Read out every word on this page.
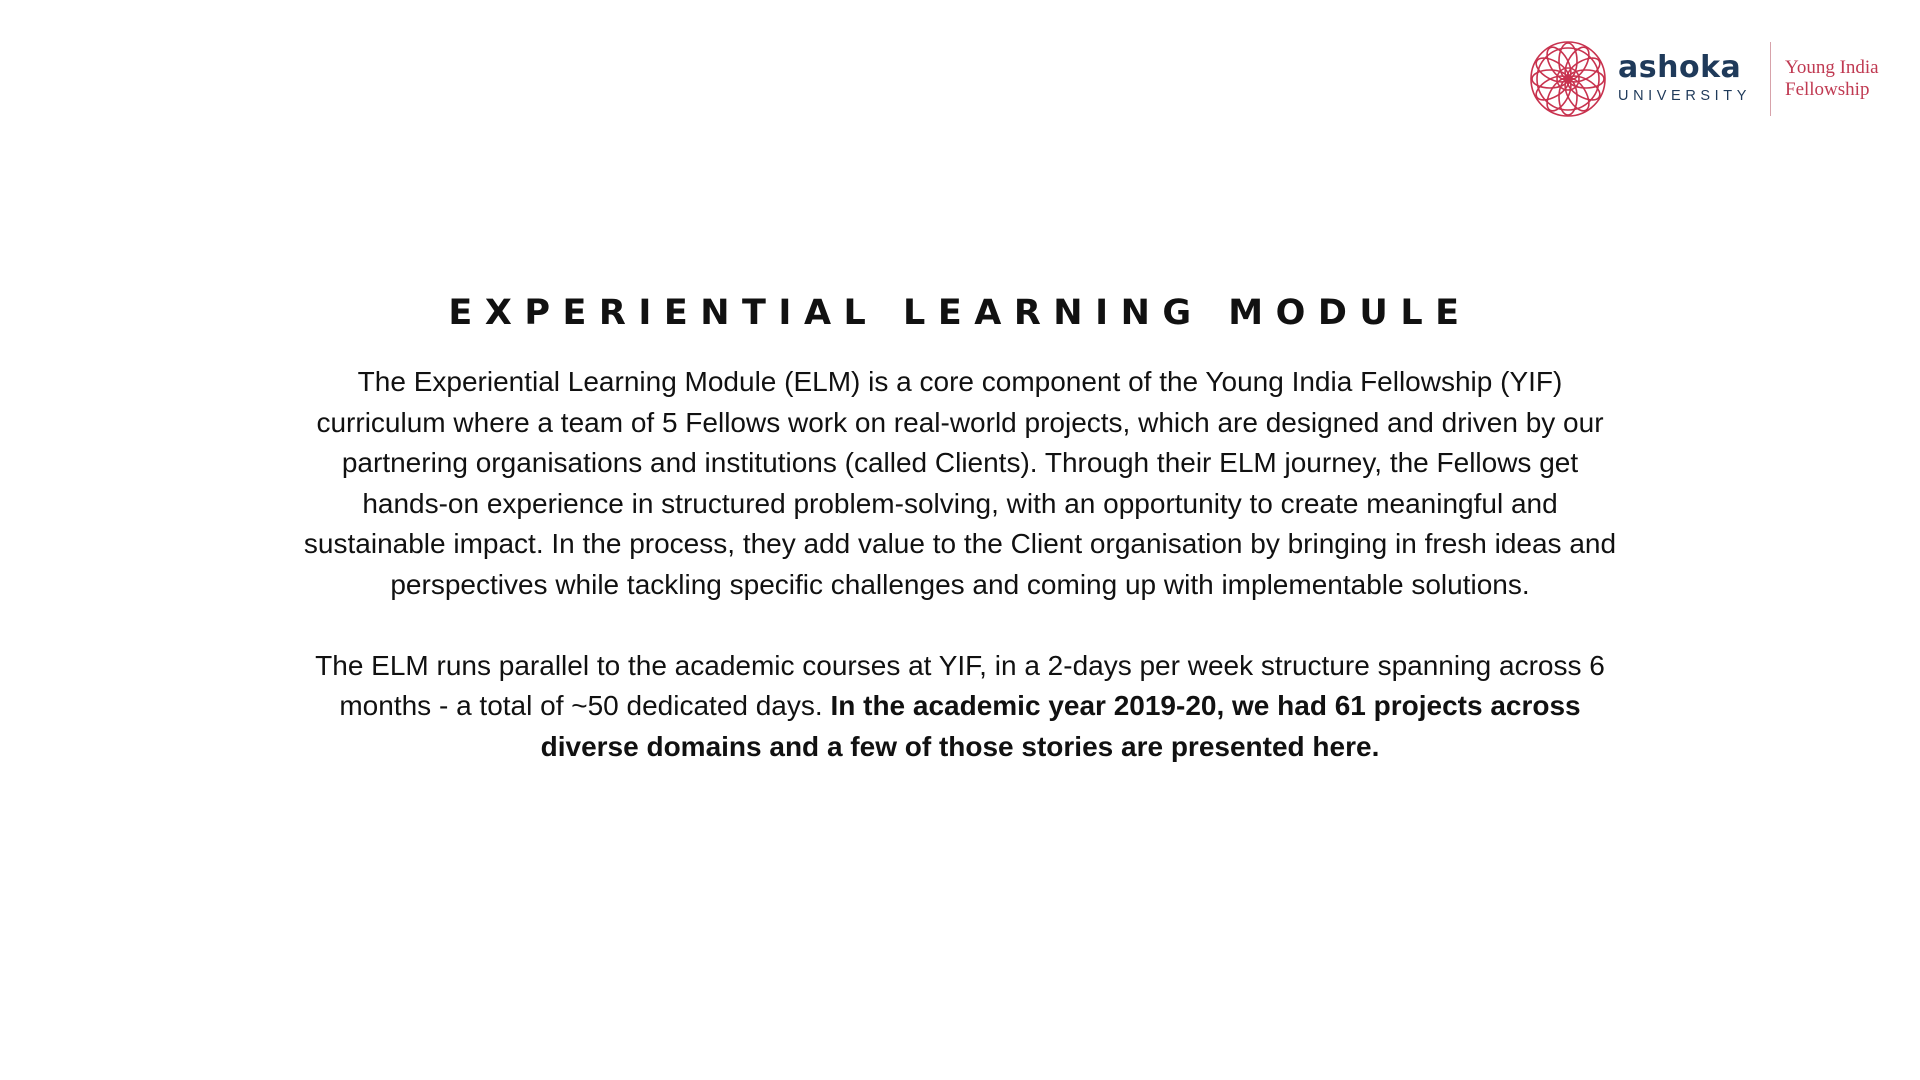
ashoka
UNIVERSITY
Young India
Fellowship
EXPERIENTIAL LEARNING MODULE

The Experiential Learning Module (ELM) is a core component of the Young India Fellowship (YIF) curriculum where a team of 5 Fellows work on real-world projects, which are designed and driven by our partnering organisations and institutions (called Clients). Through their ELM journey, the Fellows get hands-on experience in structured problem-solving, with an opportunity to create meaningful and sustainable impact. In the process, they add value to the Client organisation by bringing in fresh ideas and perspectives while tackling specific challenges and coming up with implementable solutions.

The ELM runs parallel to the academic courses at YIF, in a 2-days per week structure spanning across 6 months - a total of ~50 dedicated days. In the academic year 2019-20, we had 61 projects across diverse domains and a few of those stories are presented here.
